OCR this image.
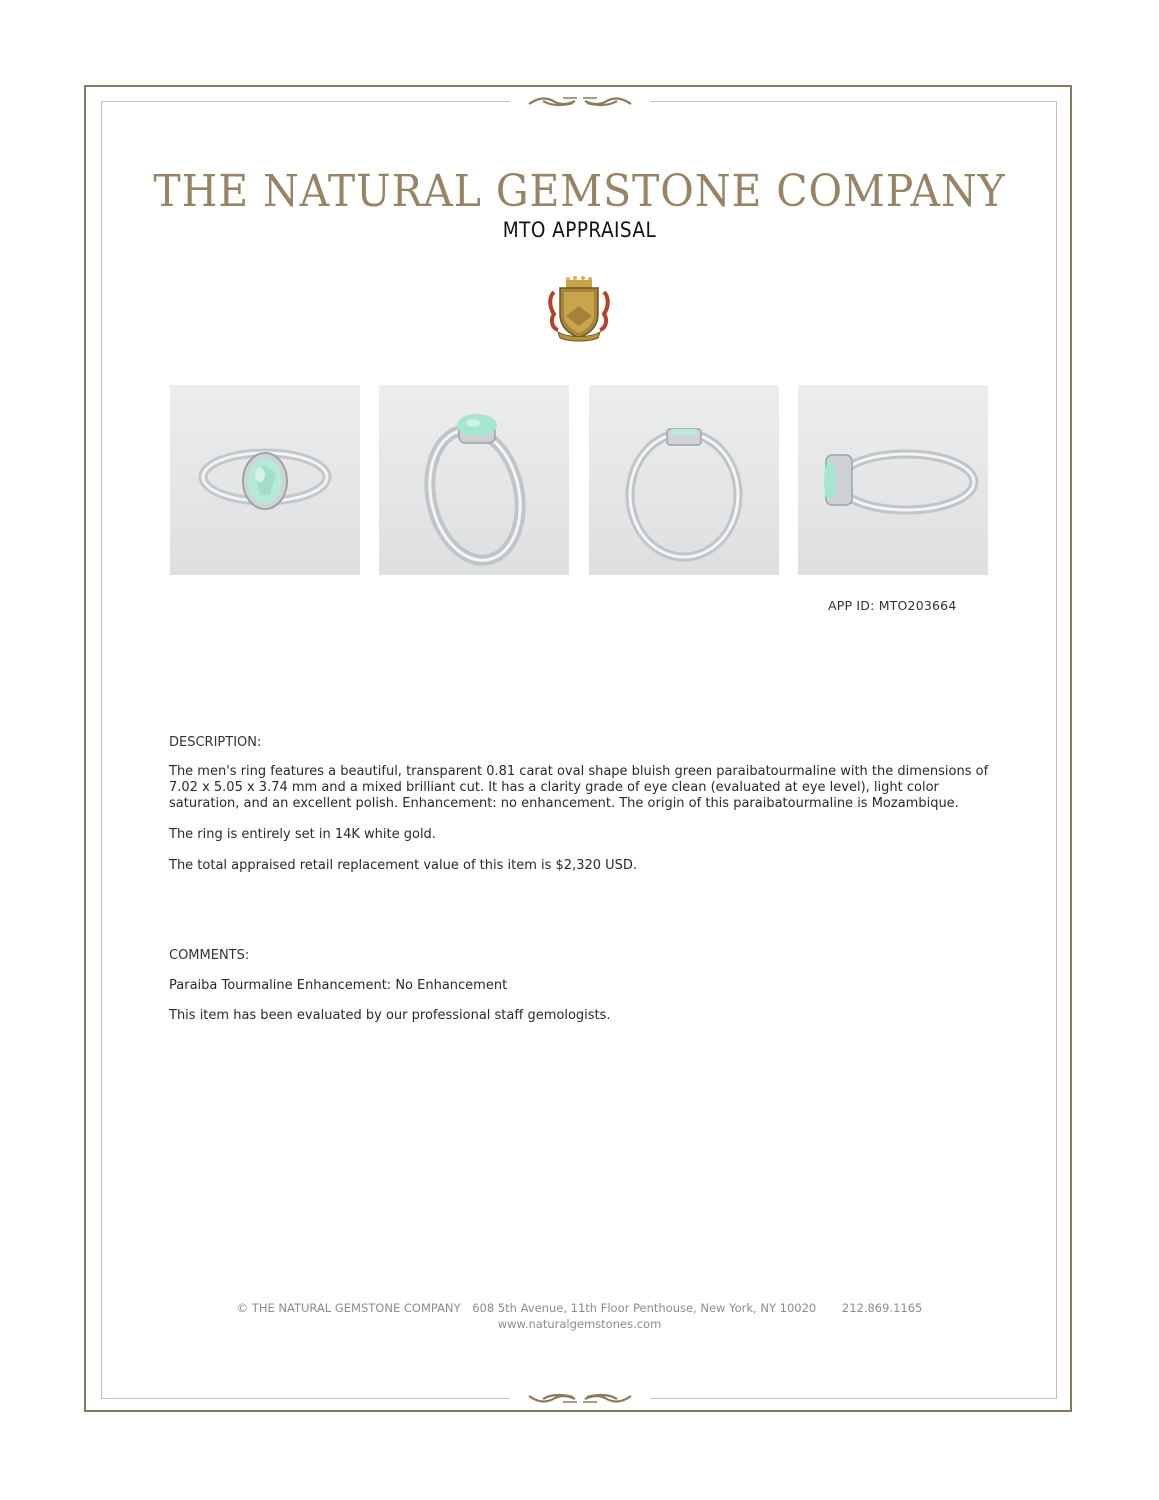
THE NATURAL GEMSTONE COMPANY
MTO APPRAISAL
APP ID: MTO203664
DESCRIPTION:

The men's ring features a beautiful, transparent 0.81 carat oval shape bluish green paraibatourmaline with the dimensions of 7.02 x 5.05 x 3.74 mm and a mixed brilliant cut. It has a clarity grade of eye clean (evaluated at eye level), light color saturation, and an excellent polish. Enhancement: no enhancement. The origin of this paraibatourmaline is Mozambique.

The ring is entirely set in 14K white gold.

The total appraised retail replacement value of this item is $2,320 USD.

COMMENTS:

Paraiba Tourmaline Enhancement: No Enhancement

This item has been evaluated by our professional staff gemologists.

© THE NATURAL GEMSTONE COMPANY 608 5th Avenue, 11th Floor Penthouse, New York, NY 10020 212.869.1165
www.naturalgemstones.com
